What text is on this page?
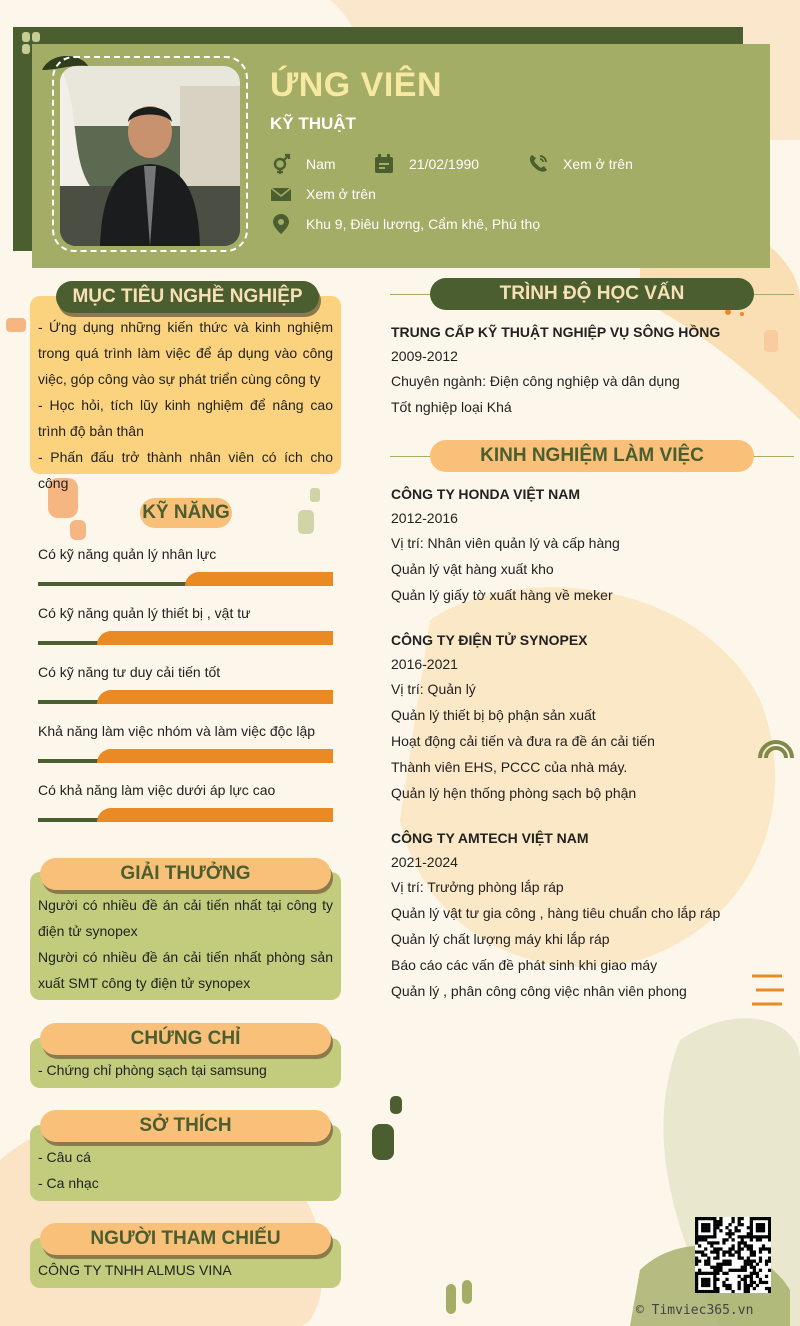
ỨNG VIÊN
KỸ THUẬT
Nam	21/02/1990	Xem ở trên
Xem ở trên
Khu 9, Điêu lương, Cẩm khê, Phú thọ
MỤC TIÊU NGHỀ NGHIỆP
- Ứng dụng những kiến thức và kinh nghiệm trong quá trình làm việc để áp dụng vào công việc, góp công vào sự phát triển cùng công ty
- Học hỏi, tích lũy kinh nghiệm để nâng cao trình độ bản thân
- Phấn đấu trở thành nhân viên có ích cho công
KỸ NĂNG
Có kỹ năng quản lý nhân lực
Có kỹ năng quản lý thiết bị , vật tư
Có kỹ năng tư duy cải tiến tốt
Khả năng làm việc nhóm và làm việc độc lập
Có khả năng làm việc dưới áp lực cao
GIẢI THƯỞNG
Người có nhiều đề án cải tiến nhất tại công ty điện tử synopex
Người có nhiều đề án cải tiến nhất phòng sản xuất SMT công ty điện tử synopex
CHỨNG CHỈ
- Chứng chỉ phòng sạch tại samsung
SỞ THÍCH
- Câu cá
- Ca nhạc
NGƯỜI THAM CHIẾU
CÔNG TY TNHH ALMUS VINA
TRÌNH ĐỘ HỌC VẤN
TRUNG CẤP KỸ THUẬT NGHIỆP VỤ SÔNG HỒNG
2009-2012
Chuyên ngành: Điện công nghiệp và dân dụng
Tốt nghiệp loại Khá
KINH NGHIỆM LÀM VIỆC
CÔNG TY HONDA VIỆT NAM
2012-2016
Vị trí: Nhân viên quản lý và cấp hàng
Quản lý vật hàng xuất kho
Quản lý giấy tờ xuất hàng về meker
CÔNG TY ĐIỆN TỬ SYNOPEX
2016-2021
Vị trí: Quản lý
Quản lý thiết bị bộ phận sản xuất
Hoạt động cải tiến và đưa ra đề án cải tiến
Thành viên EHS, PCCC của nhà máy.
Quản lý hện thống phòng sạch bộ phận
CÔNG TY AMTECH VIỆT NAM
2021-2024
Vị trí: Trưởng phòng lắp ráp
Quản lý vật tư gia công , hàng tiêu chuẩn cho lắp ráp
Quản lý chất lượng máy khi lắp ráp
Báo cáo các vấn đề phát sinh khi giao máy
Quản lý , phân công công việc nhân viên phong
© Timviec365.vn
